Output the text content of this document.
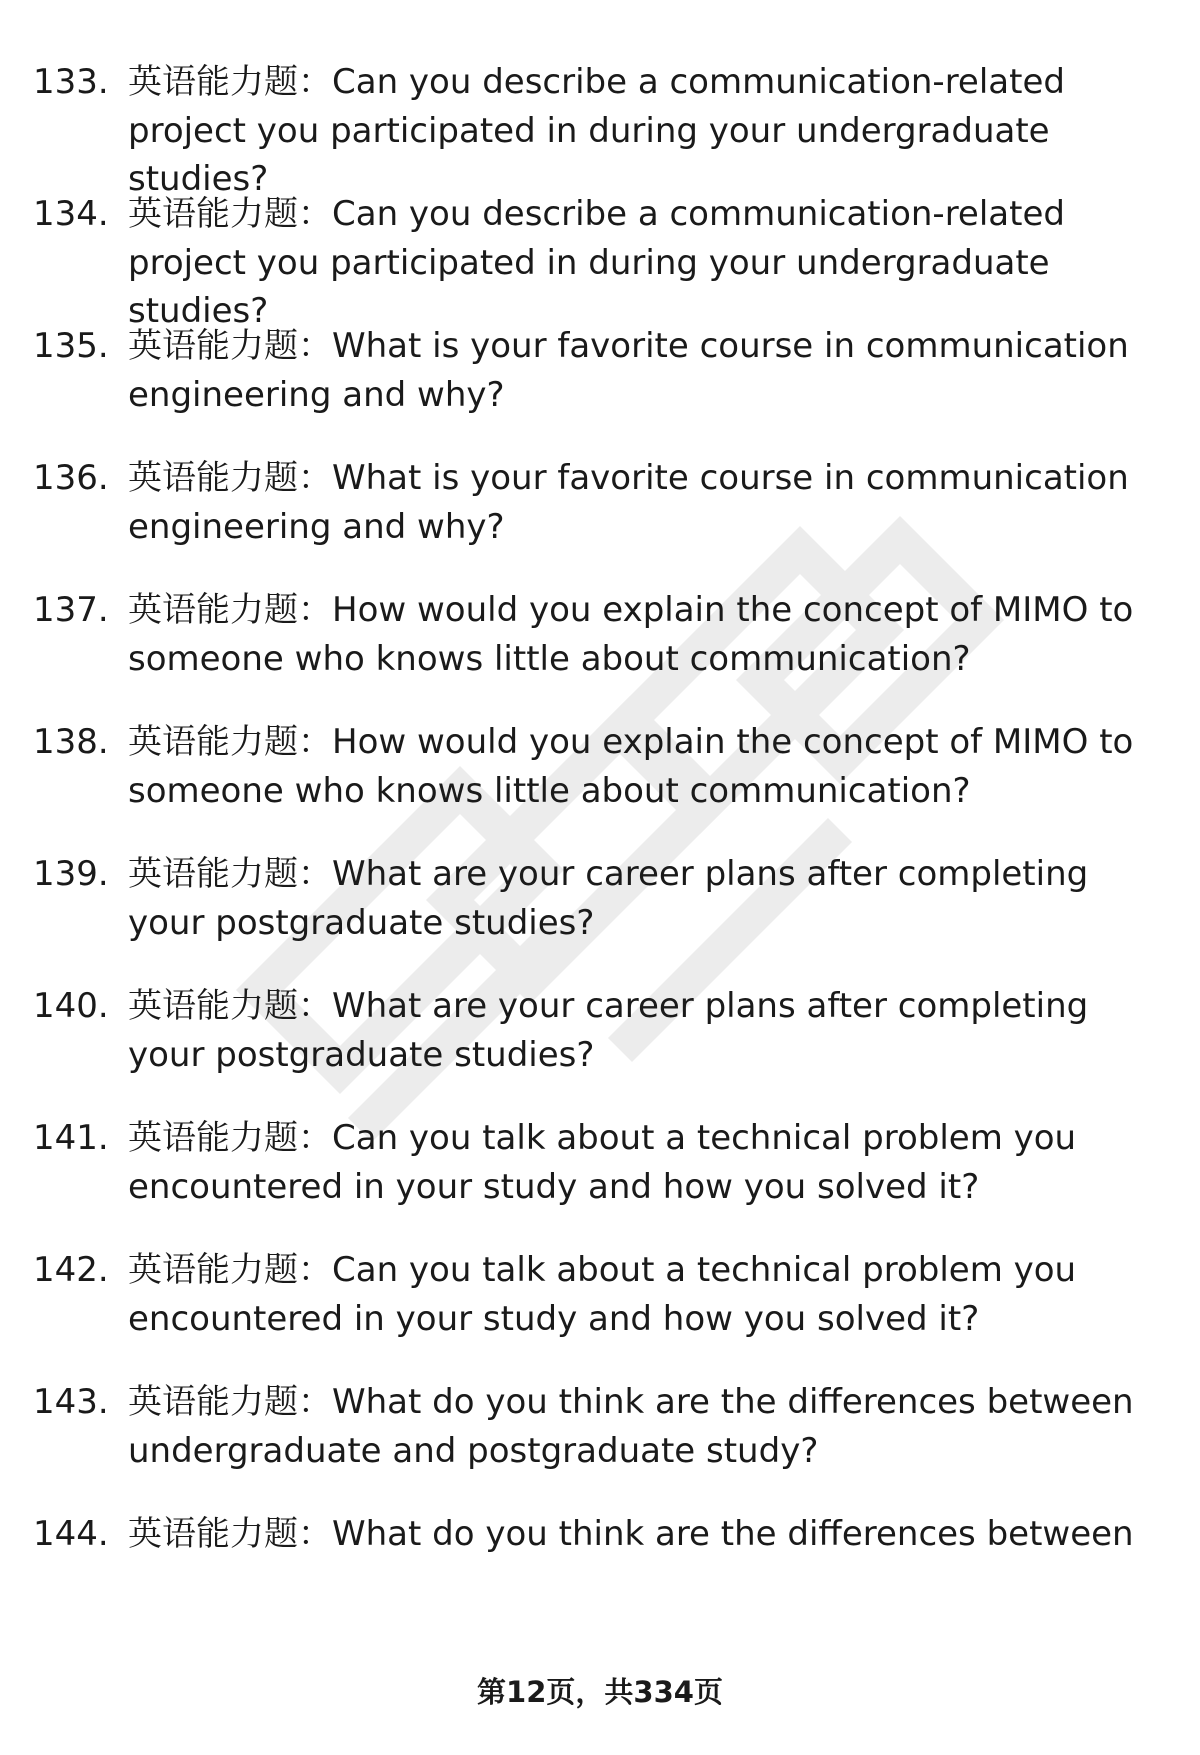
133. 英语能力题：Can you describe a communication-related project you participated in during your undergraduate studies?
134. 英语能力题：Can you describe a communication-related project you participated in during your undergraduate studies?
135. 英语能力题：What is your favorite course in communication engineering and why?
136. 英语能力题：What is your favorite course in communication engineering and why?
137. 英语能力题：How would you explain the concept of MIMO to someone who knows little about communication?
138. 英语能力题：How would you explain the concept of MIMO to someone who knows little about communication?
139. 英语能力题：What are your career plans after completing your postgraduate studies?
140. 英语能力题：What are your career plans after completing your postgraduate studies?
141. 英语能力题：Can you talk about a technical problem you encountered in your study and how you solved it?
142. 英语能力题：Can you talk about a technical problem you encountered in your study and how you solved it?
143. 英语能力题：What do you think are the differences between undergraduate and postgraduate study?
144. 英语能力题：What do you think are the differences between
第12页，共334页
